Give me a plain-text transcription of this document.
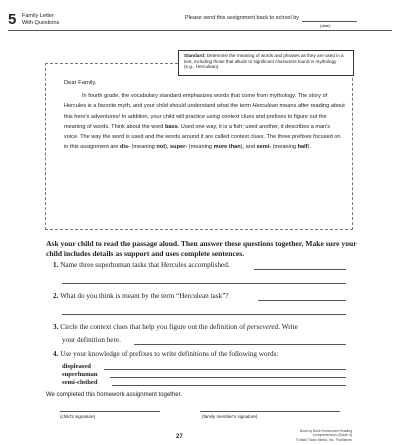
5 Family Letter
With Questions
Please send this assignment back to school by
(date)
Standard: Determine the meaning of words and phrases as they are used in a text, including those that allude to significant characters found in mythology (e.g., Herculean).
Dear Family,
In fourth grade, the vocabulary standard emphasizes words that come from mythology. The story of Hercules is a favorite myth, and your child should understand what the term Herculean means after reading about this hero's adventures! In addition, your child will practice using context clues and prefixes to figure out the meaning of words. Think about the word bass. Used one way, it is a fish; used another, it describes a man's voice. The way the word is used and the words around it are called context clues. The three prefixes focused on in this assignment are dis- (meaning not), super- (meaning more than), and semi- (meaning half).
Ask your child to read the passage aloud. Then answer these questions together. Make sure your child includes details as support and uses complete sentences.
1. Name three superhuman tasks that Hercules accomplished.
2. What do you think is meant by the term “Herculean task”?
3. Circle the context clues that help you figure out the definition of persevered. Write
your definition here.
4. Use your knowledge of prefixes to write definitions of the following words:
displeased
superhuman
semi-clothed
We completed this homework assignment together.
(child's signature)	(family member's signature)
27
Book by Book Homeroom Reading Comprehension (Grade 4)
© Mark Twain Media, Inc., Publishers
